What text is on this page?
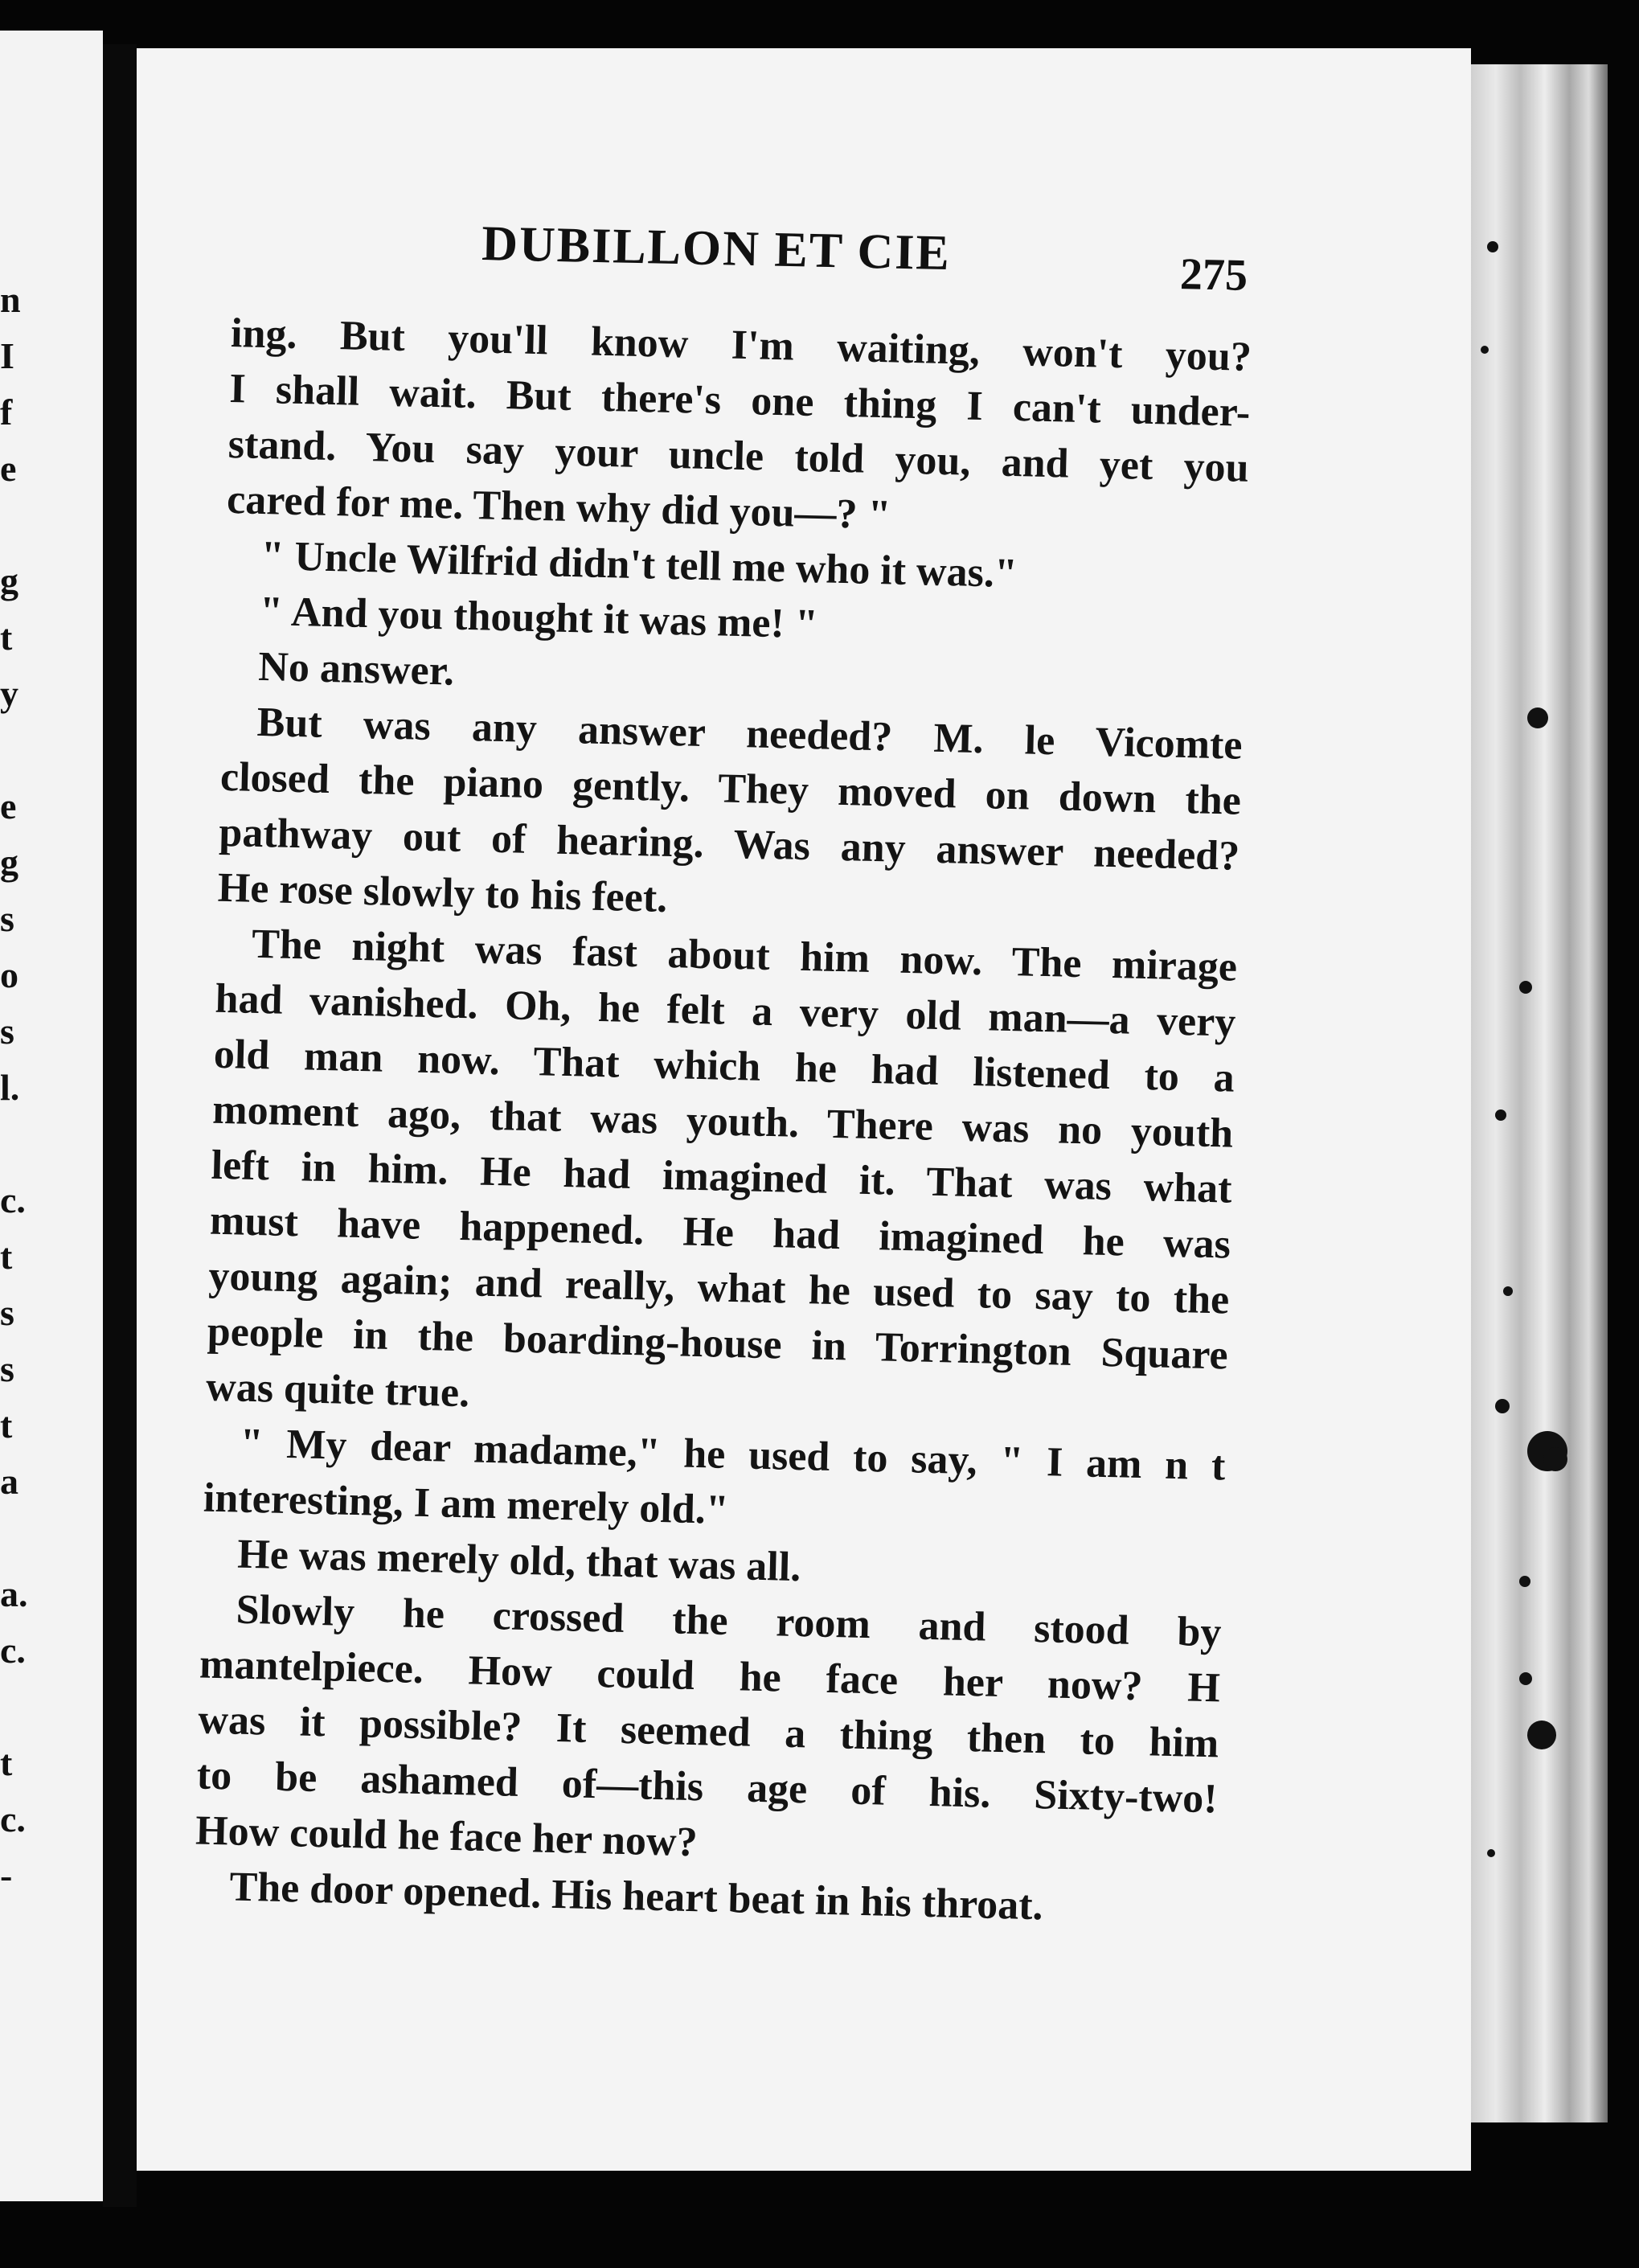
n
I
f
e
g
t
y
e
g
s
o
s
l.
c.
t
s
s
t
a
a.
c.
t
c.
-
DUBILLON ET CIE	275
ing. But you'll know I'm waiting, won't you?
I shall wait. But there's one thing I can't under-
stand. You say your uncle told you, and yet you
cared for me. Then why did you—? "
" Uncle Wilfrid didn't tell me who it was."
" And you thought it was me! "
No answer.
But was any answer needed? M. le Vicomte
closed the piano gently. They moved on down the
pathway out of hearing. Was any answer needed?
He rose slowly to his feet.
The night was fast about him now. The mirage
had vanished. Oh, he felt a very old man—a very
old man now. That which he had listened to a
moment ago, that was youth. There was no youth
left in him. He had imagined it. That was what
must have happened. He had imagined he was
young again; and really, what he used to say to the
people in the boarding-house in Torrington Square
was quite true.
" My dear madame," he used to say, " I am n t
interesting, I am merely old."
He was merely old, that was all.
Slowly he crossed the room and stood by
mantelpiece. How could he face her now? H
was it possible? It seemed a thing then to him
to be ashamed of—this age of his. Sixty-two!
How could he face her now?
The door opened. His heart beat in his throat.
